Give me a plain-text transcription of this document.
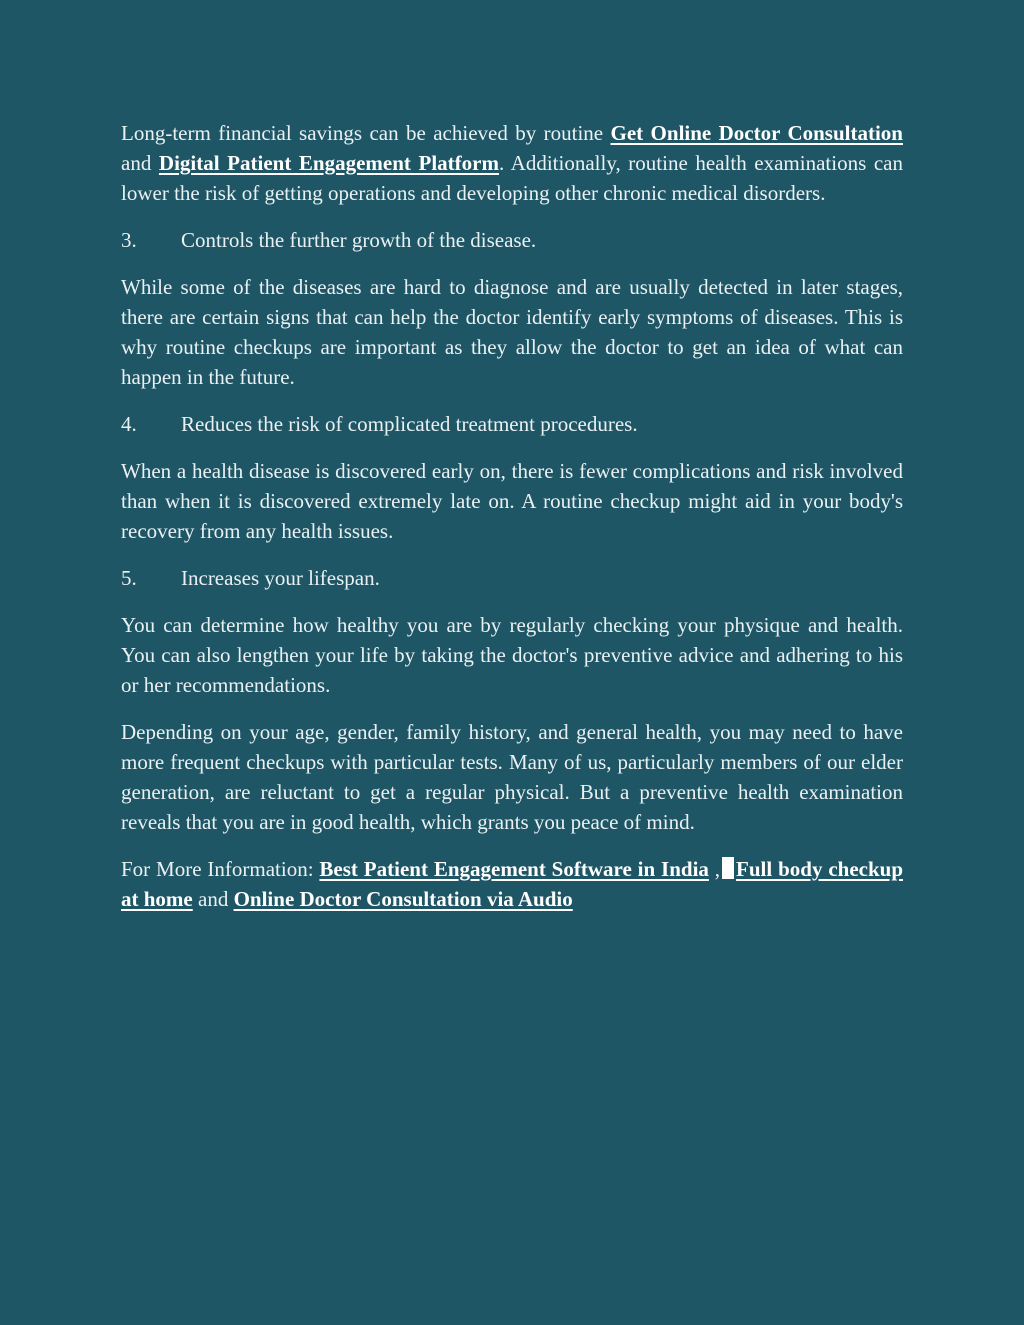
Long-term financial savings can be achieved by routine Get Online Doctor Consultation and Digital Patient Engagement Platform. Additionally, routine health examinations can lower the risk of getting operations and developing other chronic medical disorders.

3.	Controls the further growth of the disease.

While some of the diseases are hard to diagnose and are usually detected in later stages, there are certain signs that can help the doctor identify early symptoms of diseases. This is why routine checkups are important as they allow the doctor to get an idea of what can happen in the future.

4.	Reduces the risk of complicated treatment procedures.

When a health disease is discovered early on, there is fewer complications and risk involved than when it is discovered extremely late on. A routine checkup might aid in your body's recovery from any health issues.

5.	Increases your lifespan.

You can determine how healthy you are by regularly checking your physique and health. You can also lengthen your life by taking the doctor's preventive advice and adhering to his or her recommendations.

Depending on your age, gender, family history, and general health, you may need to have more frequent checkups with particular tests. Many of us, particularly members of our elder generation, are reluctant to get a regular physical. But a preventive health examination reveals that you are in good health, which grants you peace of mind.

For More Information: Best Patient Engagement Software in India , Full body checkup at home and Online Doctor Consultation via Audio
